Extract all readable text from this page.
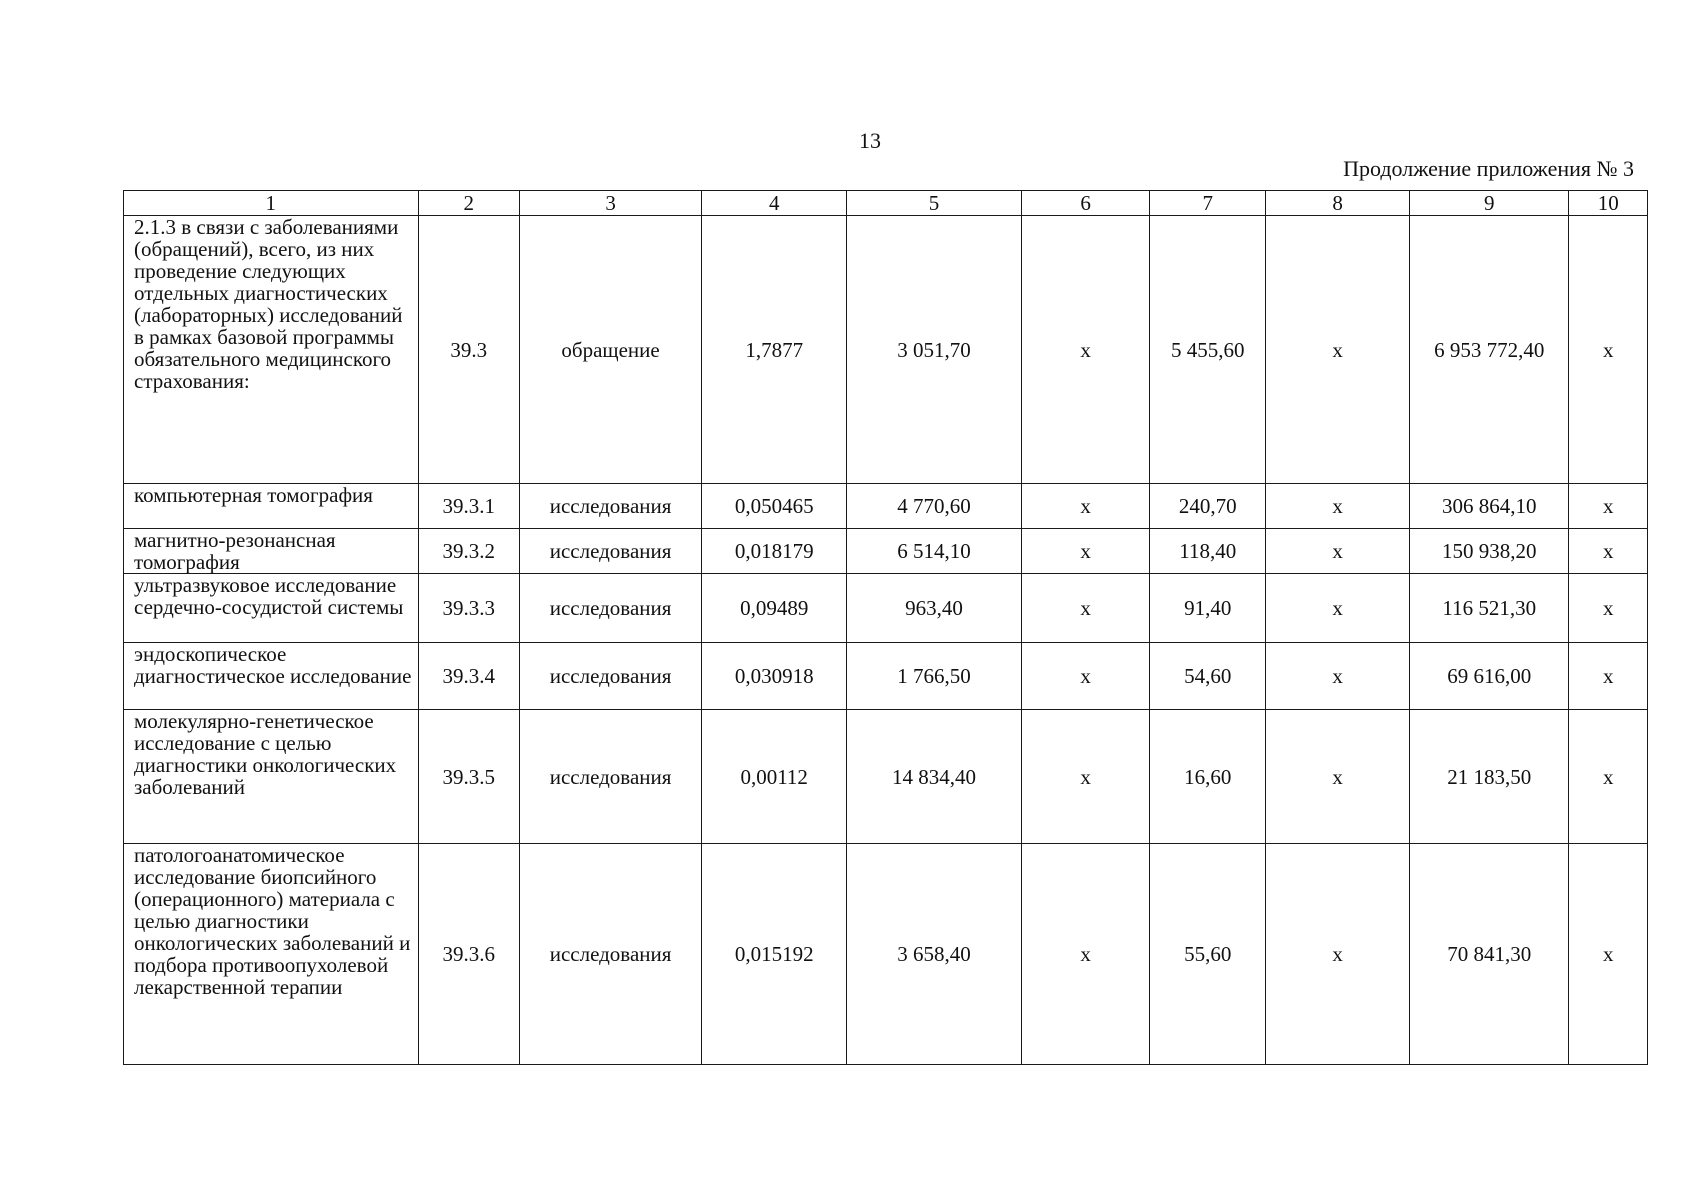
13
Продолжение приложения № 3
1	2	3	4	5	6	7	8	9	10
2.1.3 в связи с заболеваниями (обращений), всего, из них проведение следующих отдельных диагностических (лабораторных) исследований в рамках базовой программы обязательного медицинского страхования:	39.3	обращение	1,7877	3 051,70	х	5 455,60	х	6 953 772,40	х
компьютерная томография	39.3.1	исследования	0,050465	4 770,60	х	240,70	х	306 864,10	х
магнитно-резонансная томография	39.3.2	исследования	0,018179	6 514,10	х	118,40	х	150 938,20	х
ультразвуковое исследование сердечно-сосудистой системы	39.3.3	исследования	0,09489	963,40	х	91,40	х	116 521,30	х
эндоскопическое диагностическое исследование	39.3.4	исследования	0,030918	1 766,50	х	54,60	х	69 616,00	х
молекулярно-генетическое исследование с целью диагностики онкологических заболеваний	39.3.5	исследования	0,00112	14 834,40	х	16,60	х	21 183,50	х
патологоанатомическое исследование биопсийного (операционного) материала с целью диагностики онкологических заболеваний и подбора противоопухолевой лекарственной терапии	39.3.6	исследования	0,015192	3 658,40	х	55,60	х	70 841,30	х
